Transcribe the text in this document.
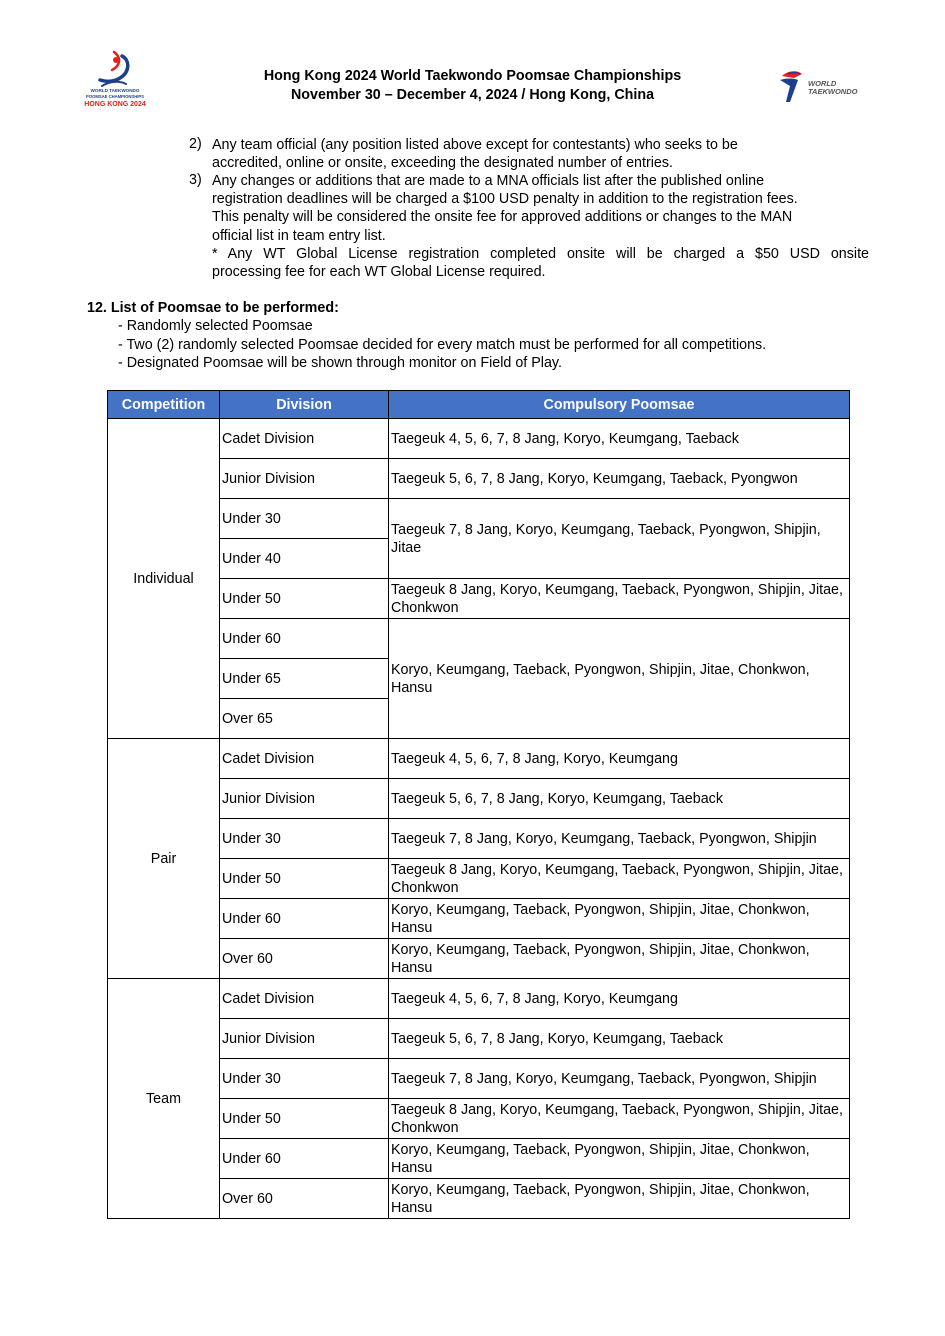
WORLD TAEKWONDO
POOMSAE CHAMPIONSHIPS
HONG KONG 2024
Hong Kong 2024 World Taekwondo Poomsae Championships
November 30 – December 4, 2024 / Hong Kong, China
WORLD
TAEKWONDO
2) Any team official (any position listed above except for contestants) who seeks to be
accredited, online or onsite, exceeding the designated number of entries.
3) Any changes or additions that are made to a MNA officials list after the published online
registration deadlines will be charged a $100 USD penalty in addition to the registration fees.
This penalty will be considered the onsite fee for approved additions or changes to the MAN
official list in team entry list.
* Any WT Global License registration completed onsite will be charged a $50 USD onsite
processing fee for each WT Global License required.
12. List of Poomsae to be performed:
- Randomly selected Poomsae
- Two (2) randomly selected Poomsae decided for every match must be performed for all competitions.
- Designated Poomsae will be shown through monitor on Field of Play.
Competition	Division	Compulsory Poomsae
Individual	Cadet Division	Taegeuk 4, 5, 6, 7, 8 Jang, Koryo, Keumgang, Taeback
	Junior Division	Taegeuk 5, 6, 7, 8 Jang, Koryo, Keumgang, Taeback, Pyongwon
	Under 30	Taegeuk 7, 8 Jang, Koryo, Keumgang, Taeback, Pyongwon, Shipjin, Jitae
	Under 40	
	Under 50	Taegeuk 8 Jang, Koryo, Keumgang, Taeback, Pyongwon, Shipjin, Jitae, Chonkwon
	Under 60	Koryo, Keumgang, Taeback, Pyongwon, Shipjin, Jitae, Chonkwon, Hansu
	Under 65	
	Over 65	
Pair	Cadet Division	Taegeuk 4, 5, 6, 7, 8 Jang, Koryo, Keumgang
	Junior Division	Taegeuk 5, 6, 7, 8 Jang, Koryo, Keumgang, Taeback
	Under 30	Taegeuk 7, 8 Jang, Koryo, Keumgang, Taeback, Pyongwon, Shipjin
	Under 50	Taegeuk 8 Jang, Koryo, Keumgang, Taeback, Pyongwon, Shipjin, Jitae, Chonkwon
	Under 60	Koryo, Keumgang, Taeback, Pyongwon, Shipjin, Jitae, Chonkwon, Hansu
	Over 60	Koryo, Keumgang, Taeback, Pyongwon, Shipjin, Jitae, Chonkwon, Hansu
Team	Cadet Division	Taegeuk 4, 5, 6, 7, 8 Jang, Koryo, Keumgang
	Junior Division	Taegeuk 5, 6, 7, 8 Jang, Koryo, Keumgang, Taeback
	Under 30	Taegeuk 7, 8 Jang, Koryo, Keumgang, Taeback, Pyongwon, Shipjin
	Under 50	Taegeuk 8 Jang, Koryo, Keumgang, Taeback, Pyongwon, Shipjin, Jitae, Chonkwon
	Under 60	Koryo, Keumgang, Taeback, Pyongwon, Shipjin, Jitae, Chonkwon, Hansu
	Over 60	Koryo, Keumgang, Taeback, Pyongwon, Shipjin, Jitae, Chonkwon, Hansu
